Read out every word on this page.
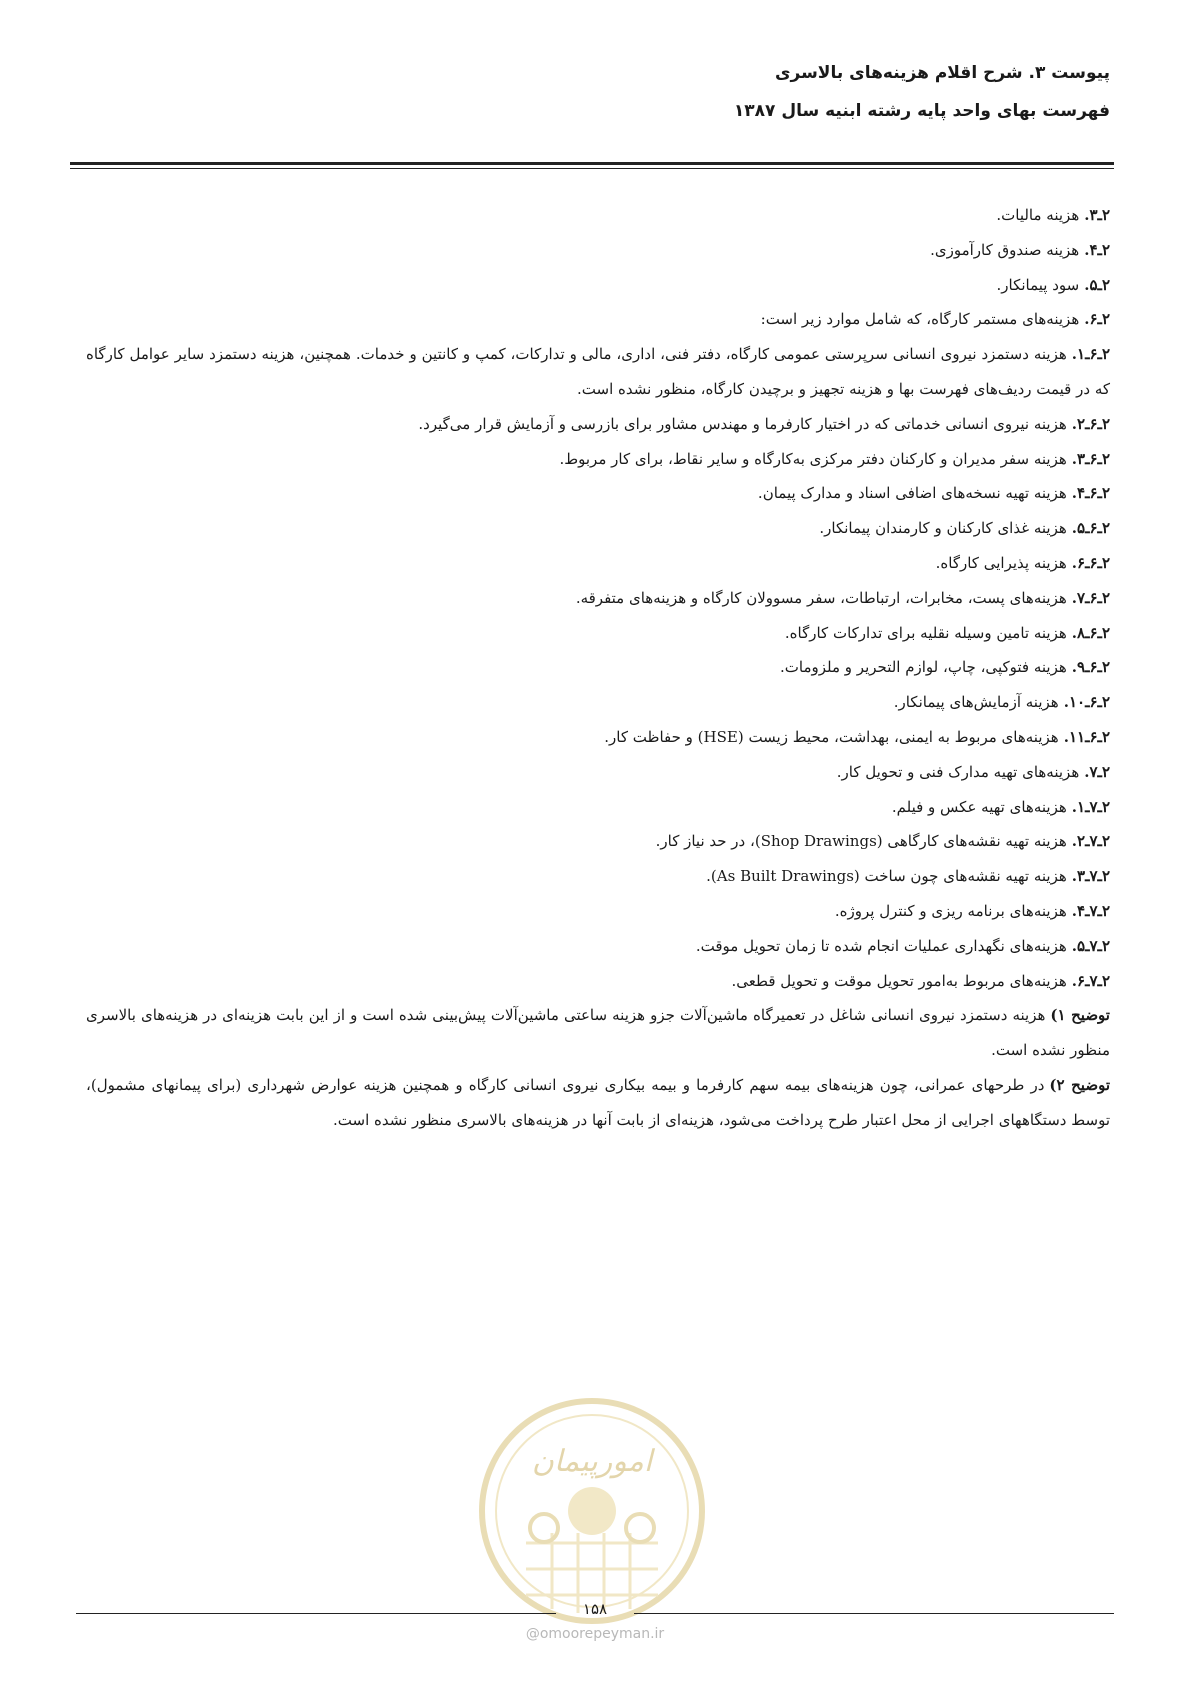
پیوست ۳. شرح اقلام هزینه‌های بالاسری
فهرست بهای واحد پایه رشته ابنیه سال ۱۳۸۷
۲ـ۳.هزینه مالیات.
۲ـ۴.هزینه صندوق کارآموزی.
۲ـ۵.سود پیمانکار.
۲ـ۶.هزینه‌های مستمر کارگاه، که شامل موارد زیر است:
۲ـ۶ـ۱.هزینه دستمزد نیروی انسانی سرپرستی عمومی کارگاه، دفتر فنی، اداری، مالی و تدارکات، کمپ و کانتین و خدمات. همچنین، هزینه دستمزد سایر عوامل کارگاه که در قیمت ردیف‌های فهرست بها و هزینه تجهیز و برچیدن کارگاه، منظور نشده است.
۲ـ۶ـ۲.هزینه نیروی انسانی خدماتی که در اختیار کارفرما و مهندس مشاور برای بازرسی و آزمایش قرار می‌گیرد.
۲ـ۶ـ۳.هزینه سفر مدیران و کارکنان دفتر مرکزی به‌کارگاه و سایر نقاط، برای کار مربوط.
۲ـ۶ـ۴.هزینه تهیه نسخه‌های اضافی اسناد و مدارک پیمان.
۲ـ۶ـ۵.هزینه غذای کارکنان و کارمندان پیمانکار.
۲ـ۶ـ۶.هزینه پذیرایی کارگاه.
۲ـ۶ـ۷.هزینه‌های پست، مخابرات، ارتباطات، سفر مسوولان کارگاه و هزینه‌های متفرقه.
۲ـ۶ـ۸.هزینه تامین وسیله نقلیه برای تدارکات کارگاه.
۲ـ۶ـ۹.هزینه فتوکپی، چاپ، لوازم التحریر و ملزومات.
۲ـ۶ـ۱۰.هزینه آزمایش‌های پیمانکار.
۲ـ۶ـ۱۱.هزینه‌های مربوط به ایمنی، بهداشت، محیط زیست (HSE) و حفاظت کار.
۲ـ۷.هزینه‌های تهیه مدارک فنی و تحویل کار.
۲ـ۷ـ۱.هزینه‌های تهیه عکس و فیلم.
۲ـ۷ـ۲.هزینه تهیه نقشه‌های کارگاهی (Shop Drawings)، در حد نیاز کار.
۲ـ۷ـ۳.هزینه تهیه نقشه‌های چون ساخت (As Built Drawings).
۲ـ۷ـ۴.هزینه‌های برنامه ریزی و کنترل پروژه.
۲ـ۷ـ۵.هزینه‌های نگهداری عملیات انجام شده تا زمان تحویل موقت.
۲ـ۷ـ۶.هزینه‌های مربوط به‌امور تحویل موقت و تحویل قطعی.
توضیح ۱)هزینه دستمزد نیروی انسانی شاغل در تعمیرگاه ماشین‌آلات جزو هزینه ساعتی ماشین‌آلات پیش‌بینی شده است و از این بابت هزینه‌ای در هزینه‌های بالاسری منظور نشده است.
توضیح ۲)در طرحهای عمرانی، چون هزینه‌های بیمه سهم کارفرما و بیمه بیکاری نیروی انسانی کارگاه و همچنین هزینه عوارض شهرداری (برای پیمانهای مشمول)، توسط دستگاههای اجرایی از محل اعتبار طرح پرداخت می‌شود، هزینه‌ای از بابت آنها در هزینه‌های بالاسری منظور نشده است.
امورپیمان
۱۵۸
@omoorepeyman.ir
